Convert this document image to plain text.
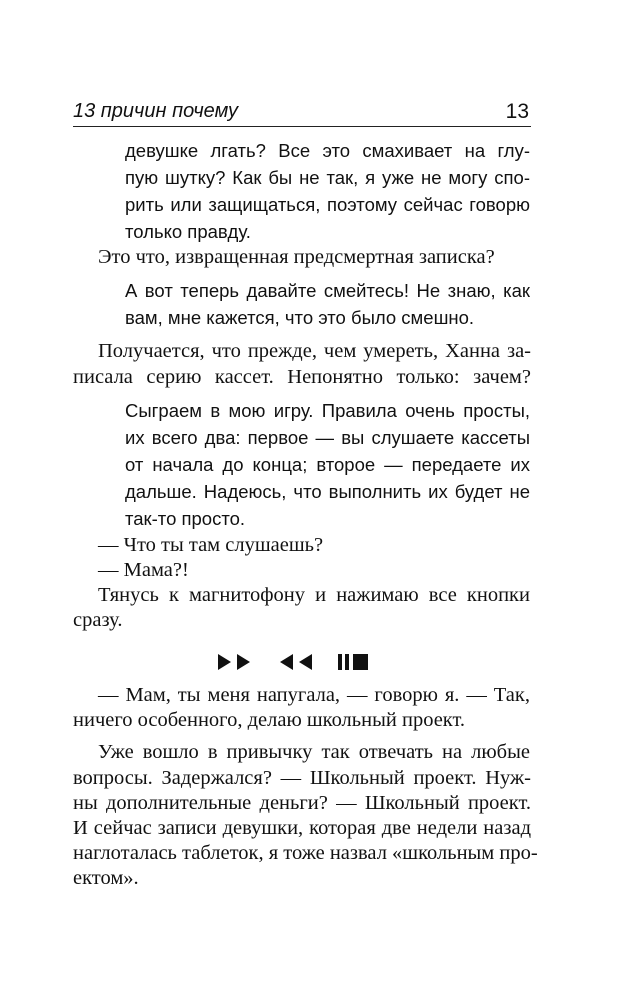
13 причин почему	13
девушке лгать? Все это смахивает на глу-
пую шутку? Как бы не так, я уже не могу спо-
рить или защищаться, поэтому сейчас говорю
только правду.
Это что, извращенная предсмертная записка?
А вот теперь давайте смейтесь! Не знаю, как
вам, мне кажется, что это было смешно.
Получается, что прежде, чем умереть, Ханна за-
писала серию кассет. Непонятно только: зачем?
Сыграем в мою игру. Правила очень просты,
их всего два: первое — вы слушаете кассеты
от начала до конца; второе — передаете их
дальше. Надеюсь, что выполнить их будет не
так-то просто.
— Что ты там слушаешь?
— Мама?!
Тянусь к магнитофону и нажимаю все кнопки
сразу.
— Мам, ты меня напугала, — говорю я. — Так,
ничего особенного, делаю школьный проект.
Уже вошло в привычку так отвечать на любые
вопросы. Задержался? — Школьный проект. Нуж-
ны дополнительные деньги? — Школьный проект.
И сейчас записи девушки, которая две недели назад
наглоталась таблеток, я тоже назвал «школьным про-
ектом».
